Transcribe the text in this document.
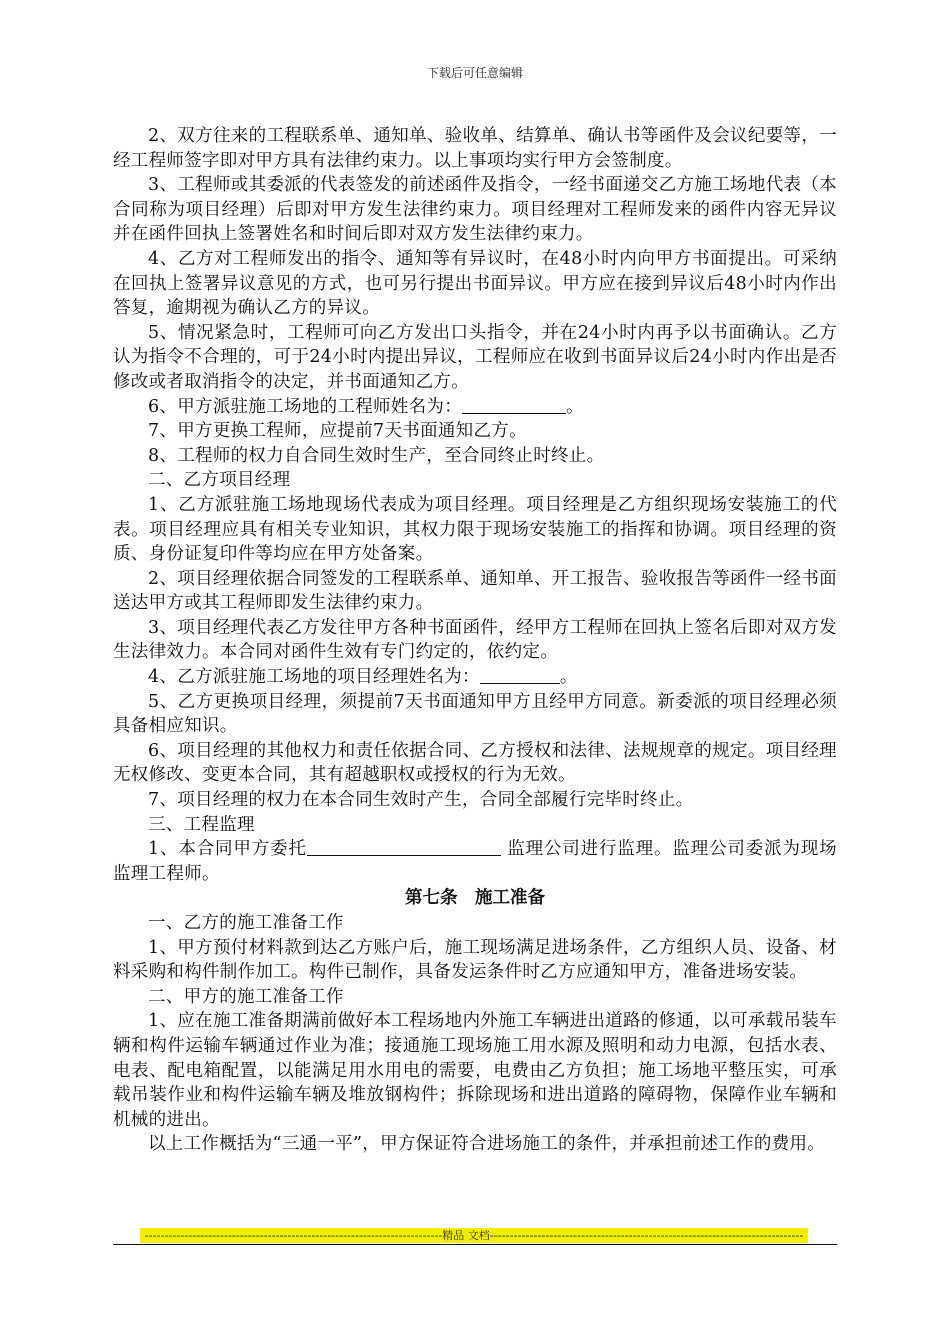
下载后可任意编辑

2、双方往来的工程联系单、通知单、验收单、结算单、确认书等函件及会议纪要等，一经工程师签字即对甲方具有法律约束力。以上事项均实行甲方会签制度。

3、工程师或其委派的代表签发的前述函件及指令，一经书面递交乙方施工场地代表（本合同称为项目经理）后即对甲方发生法律约束力。项目经理对工程师发来的函件内容无异议并在函件回执上签署姓名和时间后即对双方发生法律约束力。

4、乙方对工程师发出的指令、通知等有异议时，在48小时内向甲方书面提出。可采纳在回执上签署异议意见的方式，也可另行提出书面异议。甲方应在接到异议后48小时内作出答复，逾期视为确认乙方的异议。

5、情况紧急时，工程师可向乙方发出口头指令，并在24小时内再予以书面确认。乙方认为指令不合理的，可于24小时内提出异议，工程师应在收到书面异议后24小时内作出是否修改或者取消指令的决定，并书面通知乙方。

6、甲方派驻施工场地的工程师姓名为：	。

7、甲方更换工程师，应提前7天书面通知乙方。

8、工程师的权力自合同生效时生产，至合同终止时终止。

二、乙方项目经理

1、乙方派驻施工场地现场代表成为项目经理。项目经理是乙方组织现场安装施工的代表。项目经理应具有相关专业知识，其权力限于现场安装施工的指挥和协调。项目经理的资质、身份证复印件等均应在甲方处备案。

2、项目经理依据合同签发的工程联系单、通知单、开工报告、验收报告等函件一经书面送达甲方或其工程师即发生法律约束力。

3、项目经理代表乙方发往甲方各种书面函件，经甲方工程师在回执上签名后即对双方发生法律效力。本合同对函件生效有专门约定的，依约定。

4、乙方派驻施工场地的项目经理姓名为：	。

5、乙方更换项目经理，须提前7天书面通知甲方且经甲方同意。新委派的项目经理必须具备相应知识。

6、项目经理的其他权力和责任依据合同、乙方授权和法律、法规规章的规定。项目经理无权修改、变更本合同，其有超越职权或授权的行为无效。

7、项目经理的权力在本合同生效时产生，合同全部履行完毕时终止。

三、工程监理

1、本合同甲方委托	监理公司进行监理。监理公司委派为现场监理工程师。

第七条　施工准备

一、乙方的施工准备工作

1、甲方预付材料款到达乙方账户后，施工现场满足进场条件，乙方组织人员、设备、材料采购和构件制作加工。构件已制作，具备发运条件时乙方应通知甲方，准备进场安装。

二、甲方的施工准备工作

1、应在施工准备期满前做好本工程场地内外施工车辆进出道路的修通，以可承载吊装车辆和构件运输车辆通过作业为准；接通施工现场施工用水源及照明和动力电源，包括水表、电表、配电箱配置，以能满足用水用电的需要，电费由乙方负担；施工场地平整压实，可承载吊装作业和构件运输车辆及堆放钢构件；拆除现场和进出道路的障碍物，保障作业车辆和机械的进出。

以上工作概括为“三通一平”，甲方保证符合进场施工的条件，并承担前述工作的费用。

---------------------------------------------------------------------------精品 文档-------------------------------------------------------------------------------
